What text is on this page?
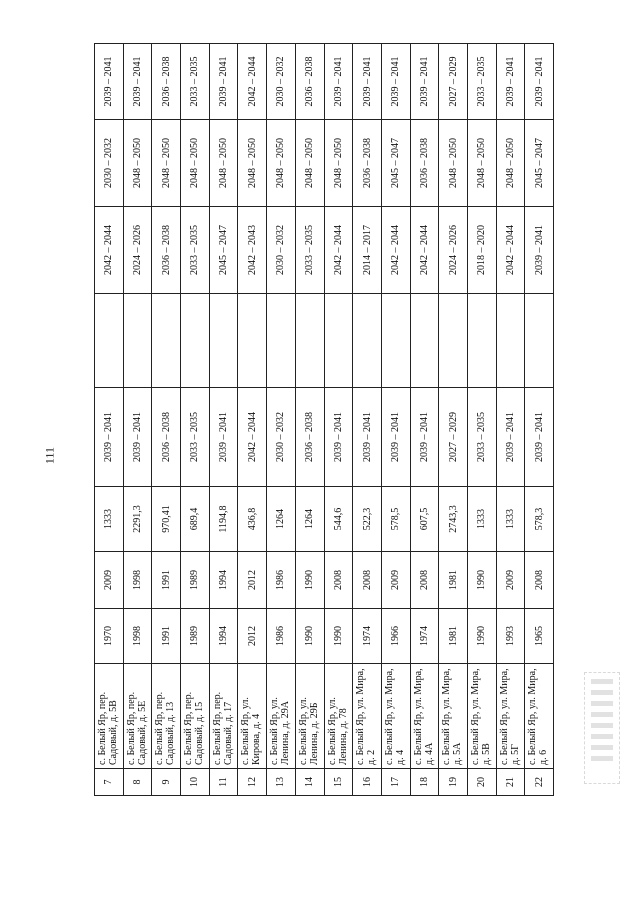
111
7	с. Белый Яр, пер. Садовый, д. 5В	1970	2009	1333	2039 – 2041		2042 – 2044	2030 – 2032	2039 – 2041
8	с. Белый Яр, пер. Садовый, д. 5Е	1998	1998	2291,3	2039 – 2041		2024 – 2026	2048 – 2050	2039 – 2041
9	с. Белый Яр, пер. Садовый, д. 13	1991	1991	970,41	2036 – 2038		2036 – 2038	2048 – 2050	2036 – 2038
10	с. Белый Яр, пер. Садовый, д. 15	1989	1989	689,4	2033 – 2035		2033 – 2035	2048 – 2050	2033 – 2035
11	с. Белый Яр, пер. Садовый, д. 17	1994	1994	1194,8	2039 – 2041		2045 – 2047	2048 – 2050	2039 – 2041
12	с. Белый Яр, ул. Кирова, д. 4	2012	2012	436,8	2042 – 2044		2042 – 2043	2048 – 2050	2042 – 2044
13	с. Белый Яр, ул. Ленина, д. 29А	1986	1986	1264	2030 – 2032		2030 – 2032	2048 – 2050	2030 – 2032
14	с. Белый Яр, ул. Ленина, д. 29Б	1990	1990	1264	2036 – 2038		2033 – 2035	2048 – 2050	2036 – 2038
15	с. Белый Яр, ул. Ленина, д. 78	1990	2008	544,6	2039 – 2041		2042 – 2044	2048 – 2050	2039 – 2041
16	с. Белый Яр, ул. Мира, д. 2	1974	2008	522,3	2039 – 2041		2014 – 2017	2036 – 2038	2039 – 2041
17	с. Белый Яр, ул. Мира, д. 4	1966	2009	578,5	2039 – 2041		2042 – 2044	2045 – 2047	2039 – 2041
18	с. Белый Яр, ул. Мира, д. 4А	1974	2008	607,5	2039 – 2041		2042 – 2044	2036 – 2038	2039 – 2041
19	с. Белый Яр, ул. Мира, д. 5А	1981	1981	2743,3	2027 – 2029		2024 – 2026	2048 – 2050	2027 – 2029
20	с. Белый Яр, ул. Мира, д. 5В	1990	1990	1333	2033 – 2035		2018 – 2020	2048 – 2050	2033 – 2035
21	с. Белый Яр, ул. Мира, д. 5Г	1993	2009	1333	2039 – 2041		2042 – 2044	2048 – 2050	2039 – 2041
22	с. Белый Яр, ул. Мира, д. 6	1965	2008	578,3	2039 – 2041		2039 – 2041	2045 – 2047	2039 – 2041
